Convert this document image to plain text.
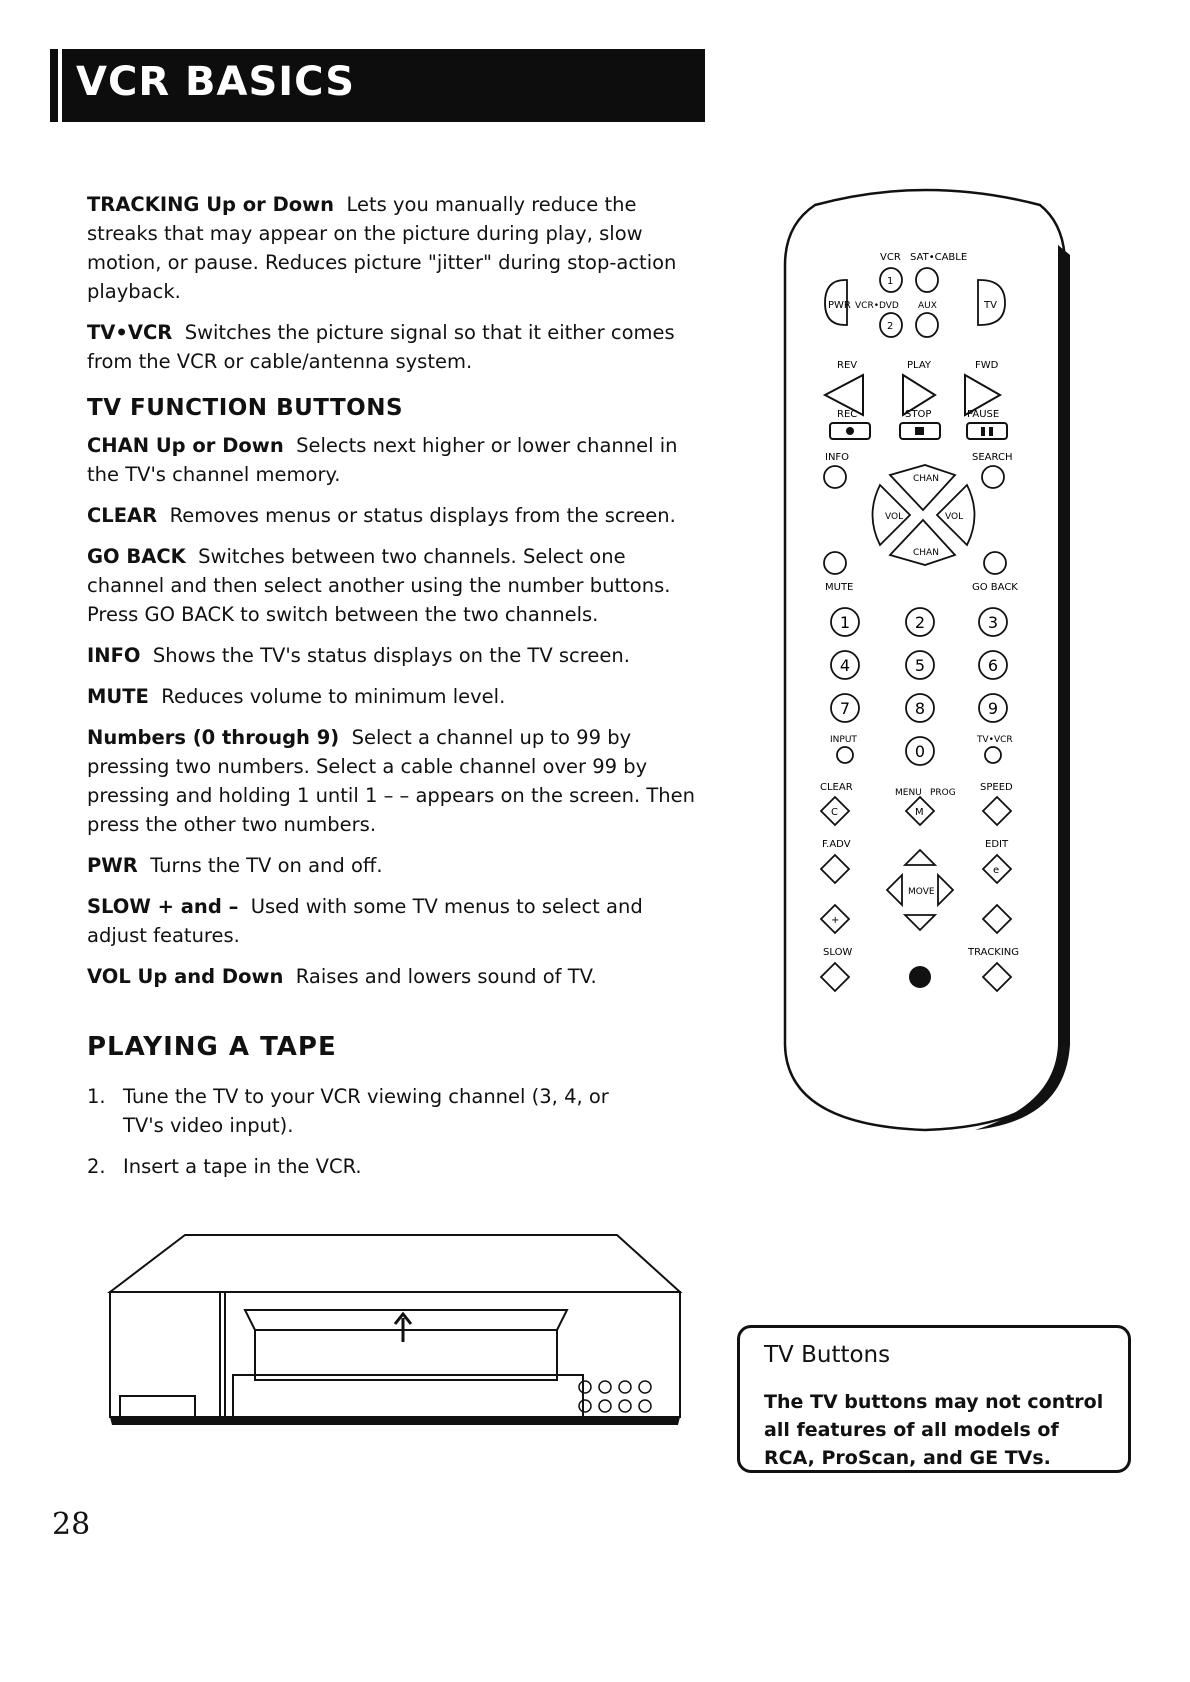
VCR BASICS

TRACKING Up or Down Lets you manually reduce the streaks that may appear on the picture during play, slow motion, or pause. Reduces picture "jitter" during stop-action playback.

TV•VCR Switches the picture signal so that it either comes from the VCR or cable/antenna system.

TV FUNCTION BUTTONS

CHAN Up or Down Selects next higher or lower channel in the TV's channel memory.

CLEAR Removes menus or status displays from the screen.

GO BACK Switches between two channels. Select one channel and then select another using the number buttons. Press GO BACK to switch between the two channels.

INFO Shows the TV's status displays on the TV screen.

MUTE Reduces volume to minimum level.

Numbers (0 through 9) Select a channel up to 99 by pressing two numbers. Select a cable channel over 99 by pressing and holding 1 until 1 – – appears on the screen. Then press the other two numbers.

PWR Turns the TV on and off.

SLOW + and – Used with some TV menus to select and adjust features.

VOL Up and Down Raises and lowers sound of TV.

PLAYING A TAPE
1. Tune the TV to your VCR viewing channel (3, 4, or TV's video input).
2. Insert a tape in the VCR.
VCR SAT•CABLE
1
2
PWR VCR•DVD AUX	TV
REV	PLAY	FWD
REC	STOP	PAUSE
INFO	SEARCH
CHAN
CHAN
VOL	VOL
MUTE	GO BACK
1	2	3
4	5	6
7	8	9
0
INPUT	TV•VCR
CLEAR	SPEED
MENU PROG
C	M
F.ADV	EDIT
e
+
MOVE
SLOW	TRACKING
TV Buttons
The TV buttons may not control all features of all models of RCA, ProScan, and GE TVs.
28
